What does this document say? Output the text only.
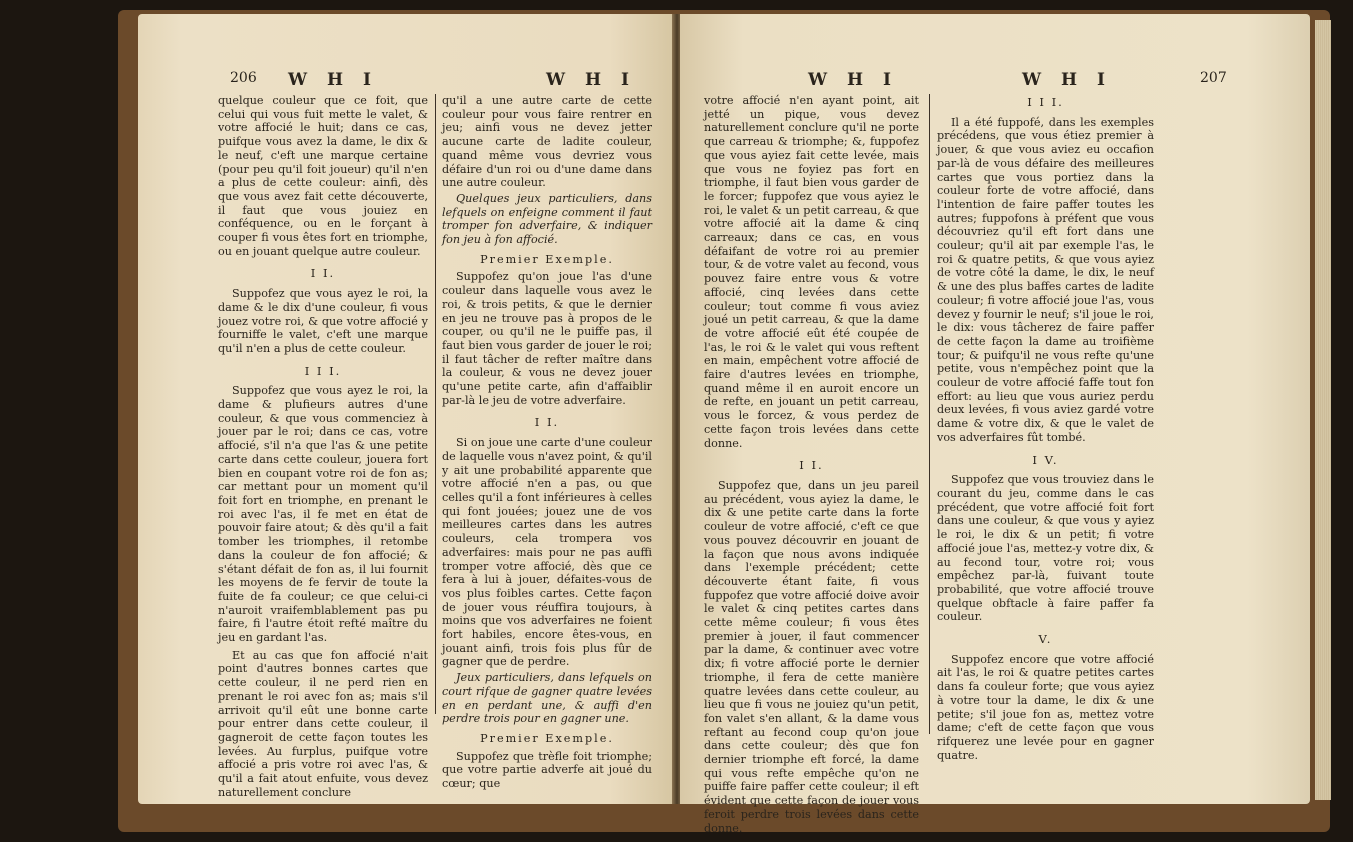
206 W H I	W H I

quelque couleur que ce foit, que celui qui vous fuit mette le valet, & votre affocié le huit; dans ce cas, puifque vous avez la dame, le dix & le neuf, c'eft une marque certaine (pour peu qu'il foit joueur) qu'il n'en a plus de cette couleur: ainfi, dès que vous avez fait cette découverte, il faut que vous jouiez en conféquence, ou en le forçant à couper fi vous êtes fort en triomphe, ou en jouant quelque autre couleur.

I I.

Suppofez que vous ayez le roi, la dame & le dix d'une couleur, fi vous jouez votre roi, & que votre affocié y fourniffe le valet, c'eft une marque qu'il n'en a plus de cette couleur.

I I I.

Suppofez que vous ayez le roi, la dame & plufieurs autres d'une couleur, & que vous commenciez à jouer par le roi; dans ce cas, votre affocié, s'il n'a que l'as & une petite carte dans cette couleur, jouera fort bien en coupant votre roi de fon as; car mettant pour un moment qu'il foit fort en triomphe, en prenant le roi avec l'as, il fe met en état de pouvoir faire atout; & dès qu'il a fait tomber les triomphes, il retombe dans la couleur de fon affocié; & s'étant défait de fon as, il lui fournit les moyens de fe fervir de toute la fuite de fa couleur; ce que celui-ci n'auroit vraifemblablement pas pu faire, fi l'autre étoit refté maître du jeu en gardant l'as.

Et au cas que fon affocié n'ait point d'autres bonnes cartes que cette couleur, il ne perd rien en prenant le roi avec fon as; mais s'il arrivoit qu'il eût une bonne carte pour entrer dans cette couleur, il gagneroit de cette façon toutes les levées. Au furplus, puifque votre affocié a pris votre roi avec l'as, & qu'il a fait atout enfuite, vous devez naturellement conclure

qu'il a une autre carte de cette couleur pour vous faire rentrer en jeu; ainfi vous ne devez jetter aucune carte de ladite couleur, quand même vous devriez vous défaire d'un roi ou d'une dame dans une autre couleur.

Quelques jeux particuliers, dans lefquels on enfeigne comment il faut tromper fon adverfaire, & indiquer fon jeu à fon affocié.

Premier Exemple.

Suppofez qu'on joue l'as d'une couleur dans laquelle vous avez le roi, & trois petits, & que le dernier en jeu ne trouve pas à propos de le couper, ou qu'il ne le puiffe pas, il faut bien vous garder de jouer le roi; il faut tâcher de refter maître dans la couleur, & vous ne devez jouer qu'une petite carte, afin d'affaiblir par-là le jeu de votre adverfaire.

I I.

Si on joue une carte d'une couleur de laquelle vous n'avez point, & qu'il y ait une probabilité apparente que votre affocié n'en a pas, ou que celles qu'il a font inférieures à celles qui font jouées; jouez une de vos meilleures cartes dans les autres couleurs, cela trompera vos adverfaires: mais pour ne pas auffi tromper votre affocié, dès que ce fera à lui à jouer, défaites-vous de vos plus foibles cartes. Cette façon de jouer vous réuffira toujours, à moins que vos adverfaires ne foient fort habiles, encore êtes-vous, en jouant ainfi, trois fois plus fûr de gagner que de perdre.

Jeux particuliers, dans lefquels on court rifque de gagner quatre levées en en perdant une, & auffi d'en perdre trois pour en gagner une.

Premier Exemple.

Suppofez que trèfle foit triomphe; que votre partie adverfe ait joué du cœur; que

W H I	W H I	207

votre affocié n'en ayant point, ait jetté un pique, vous devez naturellement conclure qu'il ne porte que carreau & triomphe; &, fuppofez que vous ayiez fait cette levée, mais que vous ne foyiez pas fort en triomphe, il faut bien vous garder de le forcer; fuppofez que vous ayiez le roi, le valet & un petit carreau, & que votre affocié ait la dame & cinq carreaux; dans ce cas, en vous défaifant de votre roi au premier tour, & de votre valet au fecond, vous pouvez faire entre vous & votre affocié, cinq levées dans cette couleur; tout comme fi vous aviez joué un petit carreau, & que la dame de votre affocié eût été coupée de l'as, le roi & le valet qui vous reftent en main, empêchent votre affocié de faire d'autres levées en triomphe, quand même il en auroit encore un de refte, en jouant un petit carreau, vous le forcez, & vous perdez de cette façon trois levées dans cette donne.

I I.

Suppofez que, dans un jeu pareil au précédent, vous ayiez la dame, le dix & une petite carte dans la forte couleur de votre affocié, c'eft ce que vous pouvez découvrir en jouant de la façon que nous avons indiquée dans l'exemple précédent; cette découverte étant faite, fi vous fuppofez que votre affocié doive avoir le valet & cinq petites cartes dans cette même couleur; fi vous êtes premier à jouer, il faut commencer par la dame, & continuer avec votre dix; fi votre affocié porte le dernier triomphe, il fera de cette manière quatre levées dans cette couleur, au lieu que fi vous ne jouiez qu'un petit, fon valet s'en allant, & la dame vous reftant au fecond coup qu'on joue dans cette couleur; dès que fon dernier triomphe eft forcé, la dame qui vous refte empêche qu'on ne puiffe faire paffer cette couleur; il eft évident que cette façon de jouer vous feroit perdre trois levées dans cette donne.

I I I.

Il a été fuppofé, dans les exemples précédens, que vous étiez premier à jouer, & que vous aviez eu occafion par-là de vous défaire des meilleures cartes que vous portiez dans la couleur forte de votre affocié, dans l'intention de faire paffer toutes les autres; fuppofons à préfent que vous découvriez qu'il eft fort dans une couleur; qu'il ait par exemple l'as, le roi & quatre petits, & que vous ayiez de votre côté la dame, le dix, le neuf & une des plus baffes cartes de ladite couleur; fi votre affocié joue l'as, vous devez y fournir le neuf; s'il joue le roi, le dix: vous tâcherez de faire paffer de cette façon la dame au troifième tour; & puifqu'il ne vous refte qu'une petite, vous n'empêchez point que la couleur de votre affocié faffe tout fon effort: au lieu que vous auriez perdu deux levées, fi vous aviez gardé votre dame & votre dix, & que le valet de vos adverfaires fût tombé.

I V.

Suppofez que vous trouviez dans le courant du jeu, comme dans le cas précédent, que votre affocié foit fort dans une couleur, & que vous y ayiez le roi, le dix & un petit; fi votre affocié joue l'as, mettez-y votre dix, & au fecond tour, votre roi; vous empêchez par-là, fuivant toute probabilité, que votre affocié trouve quelque obftacle à faire paffer fa couleur.

V.

Suppofez encore que votre affocié ait l'as, le roi & quatre petites cartes dans fa couleur forte; que vous ayiez à votre tour la dame, le dix & une petite; s'il joue fon as, mettez votre dame; c'eft de cette façon que vous rifquerez une levée pour en gagner quatre.
